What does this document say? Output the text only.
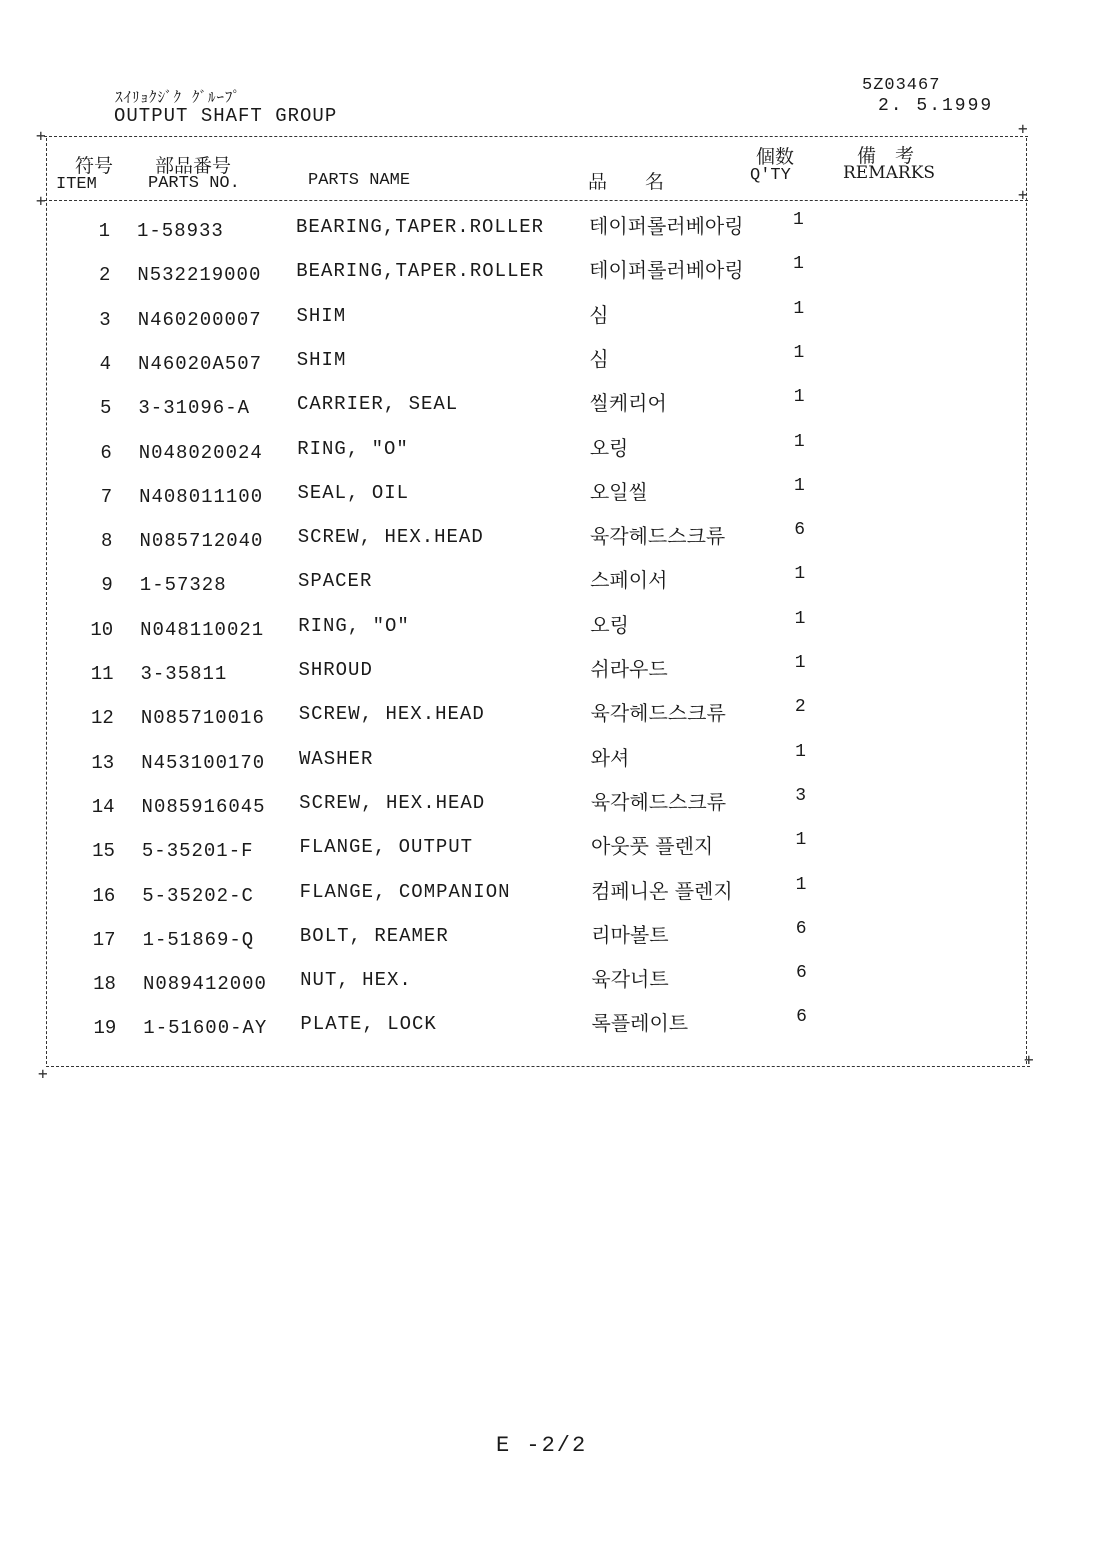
ｽｲﾘｮｸｼﾞｸ ｸﾞﾙｰﾌﾟ
OUTPUT SHAFT GROUP
5Z03467
2. 5.1999
+	+
+	+
+
+
符号
ITEM
部品番号
PARTS NO.	PARTS NAME	品　　名
個数
Q'TY
備　考
REMARKS
1 1-58933	BEARING,TAPER.ROLLER 테이퍼롤러베아링	1
2 N532219000 BEARING,TAPER.ROLLER 테이퍼롤러베아링	1
3 N460200007 SHIM	심	1
4 N46020A507 SHIM	심	1
5 3-31096-A CARRIER, SEAL	씰케리어	1
6 N048020024 RING, "O"	오링	1
7 N408011100 SEAL, OIL	오일씰	1
8 N085712040 SCREW, HEX.HEAD	육각헤드스크류	6
9 1-57328	SPACER	스페이서	1
10 N048110021 RING, "O"	오링	1
11 3-35811	SHROUD	쉬라우드	1
12 N085710016 SCREW, HEX.HEAD	육각헤드스크류	2
13 N453100170 WASHER	와셔	1
14 N085916045 SCREW, HEX.HEAD	육각헤드스크류	3
15 5-35201-F FLANGE, OUTPUT	아웃풋 플렌지	1
16 5-35202-C FLANGE, COMPANION	컴페니온 플렌지	1
17 1-51869-Q BOLT, REAMER	리마볼트	6
18 N089412000 NUT, HEX.	육각너트	6
19 1-51600-AY PLATE, LOCK	록플레이트	6
E -2/2
